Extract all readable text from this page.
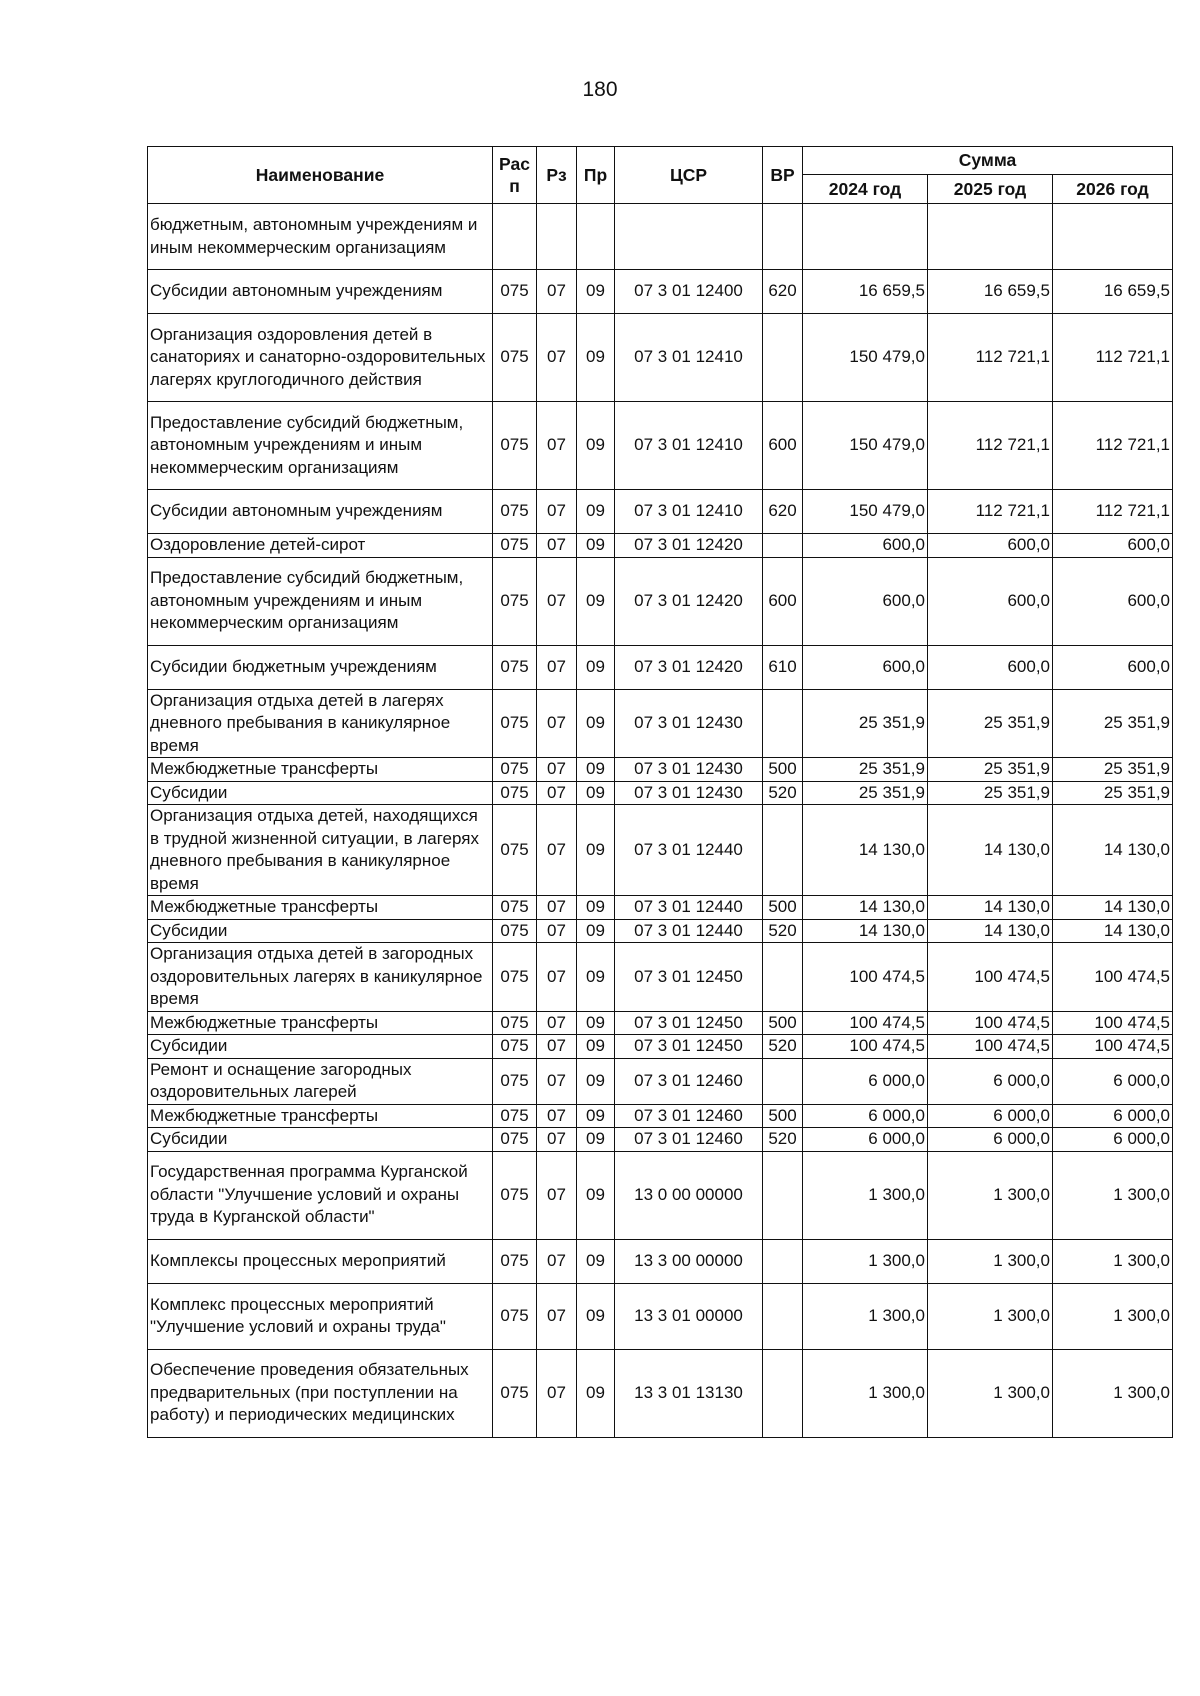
180
Наименование	Рас п	Рз	Пр	ЦСР	ВР	Сумма		
						2024 год	2025 год	2026 год
бюджетным, автономным учреждениям и иным некоммерческим организациям								
Субсидии автономным учреждениям	075	07	09	07 3 01 12400	620	16 659,5	16 659,5	16 659,5
Организация оздоровления детей в санаториях и санаторно-оздоровительных лагерях круглогодичного действия	075	07	09	07 3 01 12410		150 479,0	112 721,1	112 721,1
Предоставление субсидий бюджетным, автономным учреждениям и иным некоммерческим организациям	075	07	09	07 3 01 12410	600	150 479,0	112 721,1	112 721,1
Субсидии автономным учреждениям	075	07	09	07 3 01 12410	620	150 479,0	112 721,1	112 721,1
Оздоровление детей-сирот	075	07	09	07 3 01 12420		600,0	600,0	600,0
Предоставление субсидий бюджетным, автономным учреждениям и иным некоммерческим организациям	075	07	09	07 3 01 12420	600	600,0	600,0	600,0
Субсидии бюджетным учреждениям	075	07	09	07 3 01 12420	610	600,0	600,0	600,0
Организация отдыха детей в лагерях дневного пребывания в каникулярное время	075	07	09	07 3 01 12430		25 351,9	25 351,9	25 351,9
Межбюджетные трансферты	075	07	09	07 3 01 12430	500	25 351,9	25 351,9	25 351,9
Субсидии	075	07	09	07 3 01 12430	520	25 351,9	25 351,9	25 351,9
Организация отдыха детей, находящихся в трудной жизненной ситуации, в лагерях дневного пребывания в каникулярное время	075	07	09	07 3 01 12440		14 130,0	14 130,0	14 130,0
Межбюджетные трансферты	075	07	09	07 3 01 12440	500	14 130,0	14 130,0	14 130,0
Субсидии	075	07	09	07 3 01 12440	520	14 130,0	14 130,0	14 130,0
Организация отдыха детей в загородных оздоровительных лагерях в каникулярное время	075	07	09	07 3 01 12450		100 474,5	100 474,5	100 474,5
Межбюджетные трансферты	075	07	09	07 3 01 12450	500	100 474,5	100 474,5	100 474,5
Субсидии	075	07	09	07 3 01 12450	520	100 474,5	100 474,5	100 474,5
Ремонт и оснащение загородных оздоровительных лагерей	075	07	09	07 3 01 12460		6 000,0	6 000,0	6 000,0
Межбюджетные трансферты	075	07	09	07 3 01 12460	500	6 000,0	6 000,0	6 000,0
Субсидии	075	07	09	07 3 01 12460	520	6 000,0	6 000,0	6 000,0
Государственная программа Курганской области "Улучшение условий и охраны труда в Курганской области"	075	07	09	13 0 00 00000		1 300,0	1 300,0	1 300,0
Комплексы процессных мероприятий	075	07	09	13 3 00 00000		1 300,0	1 300,0	1 300,0
Комплекс процессных мероприятий "Улучшение условий и охраны труда"	075	07	09	13 3 01 00000		1 300,0	1 300,0	1 300,0
Обеспечение проведения обязательных предварительных (при поступлении на работу) и периодических медицинских	075	07	09	13 3 01 13130		1 300,0	1 300,0	1 300,0
